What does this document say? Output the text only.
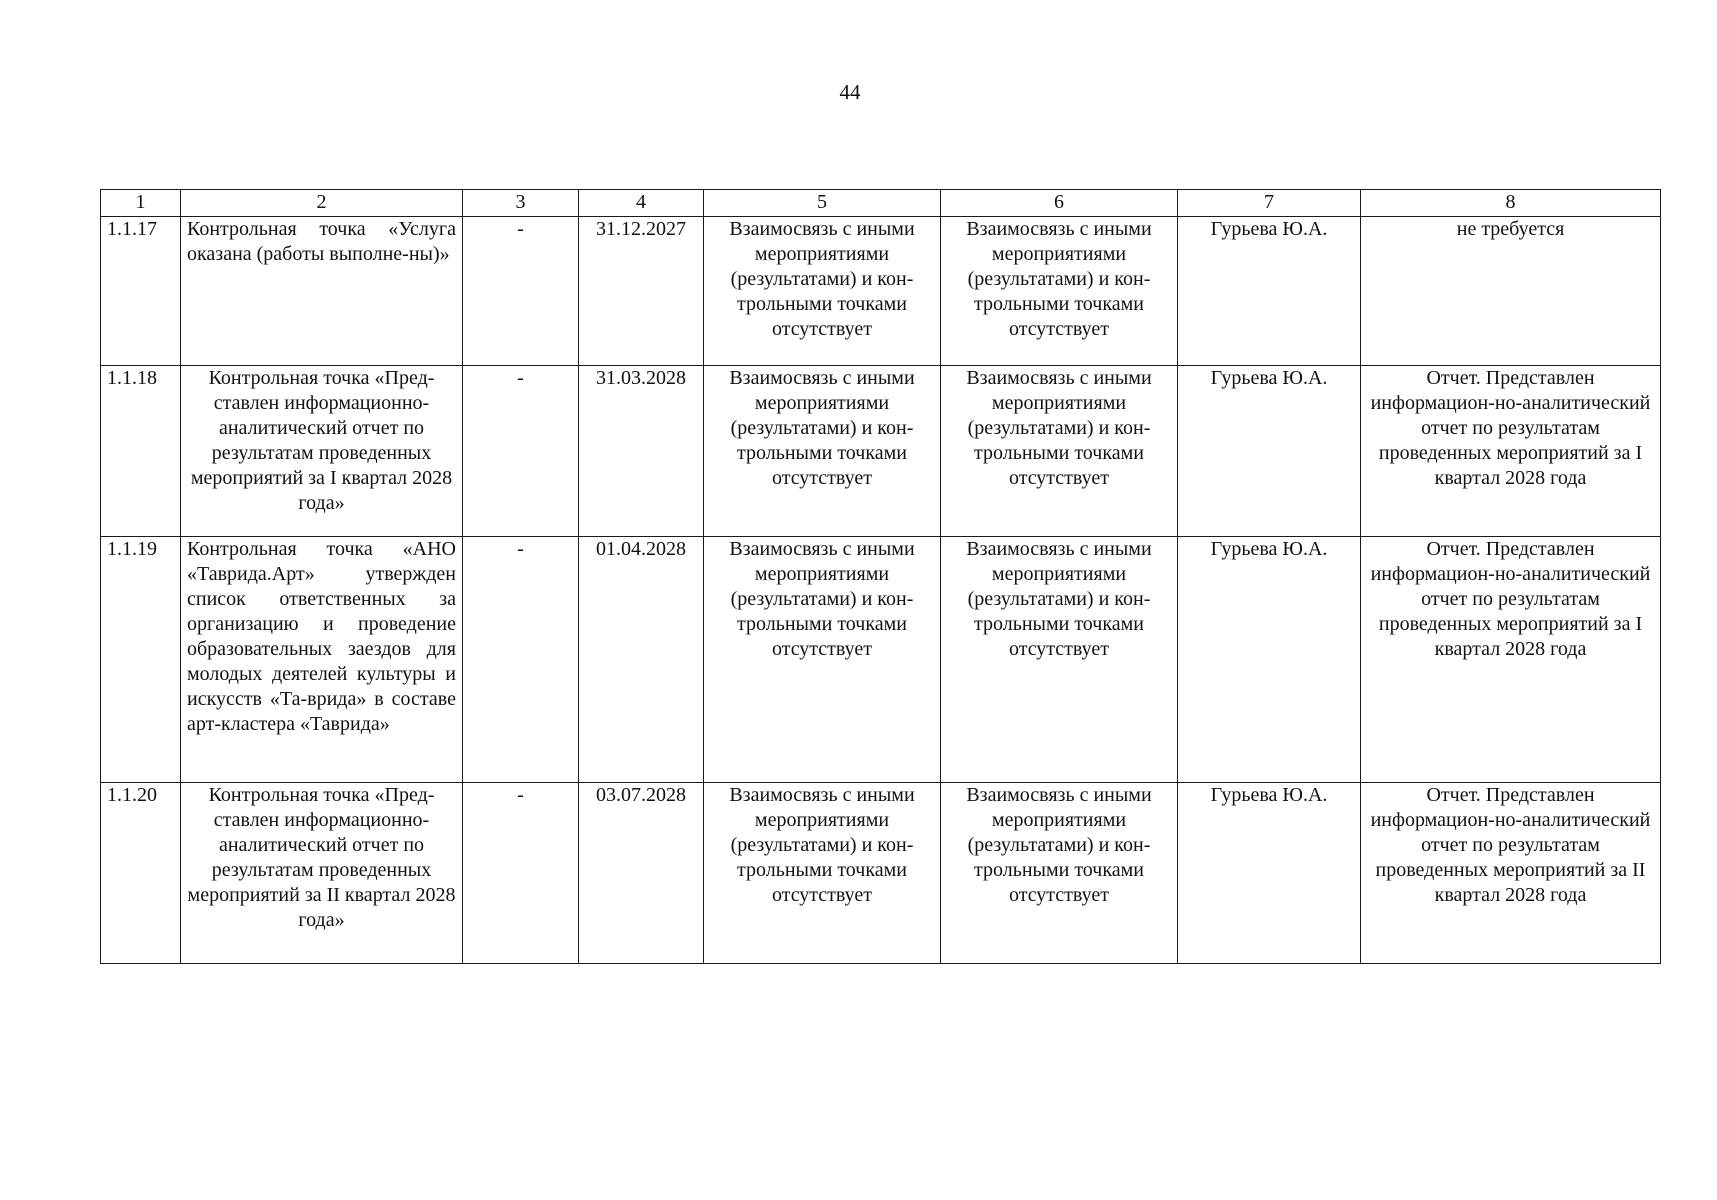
44
1	2	3	4	5	6	7	8
1.1.17	Контрольная точка «Услуга оказана (работы выполне-ны)»	-	31.12.2027	Взаимосвязь с иными мероприятиями (результатами) и кон-трольными точками отсутствует	Взаимосвязь с иными мероприятиями (результатами) и кон-трольными точками отсутствует	Гурьева Ю.А.	не требуется
1.1.18	Контрольная точка «Пред-ставлен информационно-аналитический отчет по результатам проведенных мероприятий за I квартал 2028 года»	-	31.03.2028	Взаимосвязь с иными мероприятиями (результатами) и кон-трольными точками отсутствует	Взаимосвязь с иными мероприятиями (результатами) и кон-трольными точками отсутствует	Гурьева Ю.А.	Отчет. Представлен информацион-но-аналитический отчет по результатам проведенных мероприятий за I квартал 2028 года
1.1.19	Контрольная точка «АНО «Таврида.Арт» утвержден список ответственных за организацию и проведение образовательных заездов для молодых деятелей культуры и искусств «Та-врида» в составе арт-кластера «Таврида»	-	01.04.2028	Взаимосвязь с иными мероприятиями (результатами) и кон-трольными точками отсутствует	Взаимосвязь с иными мероприятиями (результатами) и кон-трольными точками отсутствует	Гурьева Ю.А.	Отчет. Представлен информацион-но-аналитический отчет по результатам проведенных мероприятий за I квартал 2028 года
1.1.20	Контрольная точка «Пред-ставлен информационно-аналитический отчет по результатам проведенных мероприятий за II квартал 2028 года»	-	03.07.2028	Взаимосвязь с иными мероприятиями (результатами) и кон-трольными точками отсутствует	Взаимосвязь с иными мероприятиями (результатами) и кон-трольными точками отсутствует	Гурьева Ю.А.	Отчет. Представлен информацион-но-аналитический отчет по результатам проведенных мероприятий за II квартал 2028 года
